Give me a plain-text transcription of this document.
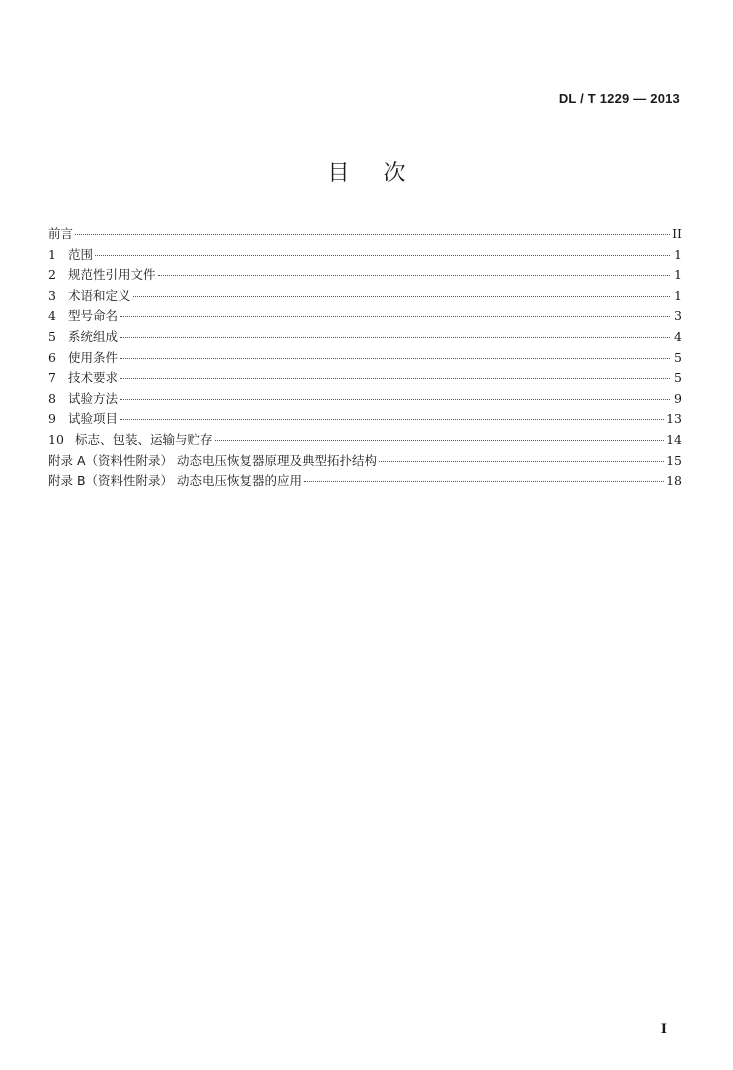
DL / T 1229 — 2013
目次
前言	II
1 范围	1
2 规范性引用文件	1
3 术语和定义	1
4 型号命名	3
5 系统组成	4
6 使用条件	5
7 技术要求	5
8 试验方法	9
9 试验项目	13
10 标志、包装、运输与贮存	14
附录 A（资料性附录） 动态电压恢复器原理及典型拓扑结构	15
附录 B（资料性附录） 动态电压恢复器的应用	18
I
